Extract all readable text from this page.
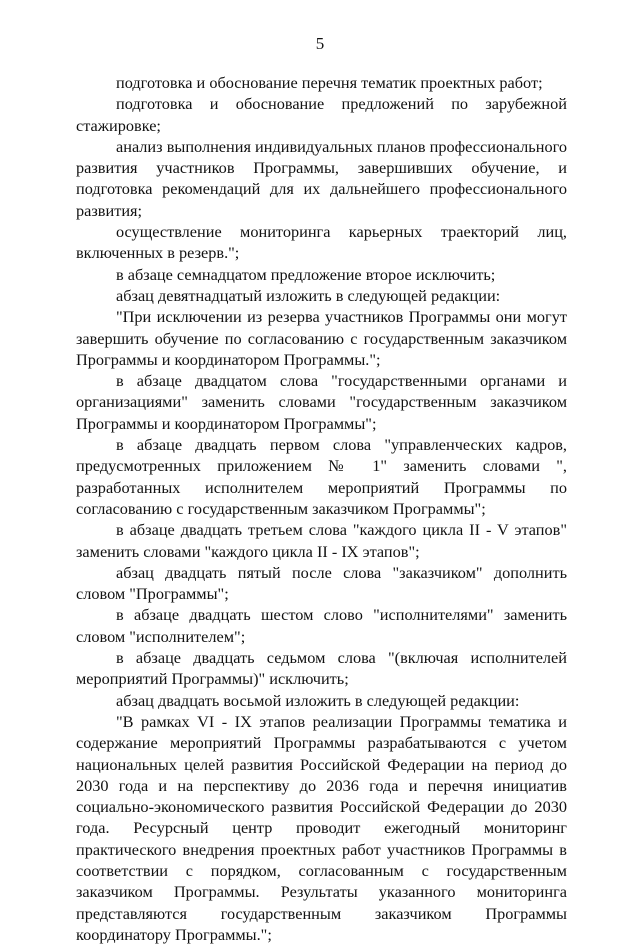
5

подготовка и обоснование перечня тематик проектных работ;

подготовка и обоснование предложений по зарубежной стажировке;

анализ выполнения индивидуальных планов профессионального развития участников Программы, завершивших обучение, и подготовка рекомендаций для их дальнейшего профессионального развития;

осуществление мониторинга карьерных траекторий лиц, включенных в резерв.";

в абзаце семнадцатом предложение второе исключить;

абзац девятнадцатый изложить в следующей редакции:

"При исключении из резерва участников Программы они могут завершить обучение по согласованию с государственным заказчиком Программы и координатором Программы.";

в абзаце двадцатом слова "государственными органами и организациями" заменить словами "государственным заказчиком Программы и координатором Программы";

в абзаце двадцать первом слова "управленческих кадров, предусмотренных приложением № 1" заменить словами ", разработанных исполнителем мероприятий Программы по согласованию с государственным заказчиком Программы";

в абзаце двадцать третьем слова "каждого цикла II - V этапов" заменить словами "каждого цикла II - IX этапов";

абзац двадцать пятый после слова "заказчиком" дополнить словом "Программы";

в абзаце двадцать шестом слово "исполнителями" заменить словом "исполнителем";

в абзаце двадцать седьмом слова "(включая исполнителей мероприятий Программы)" исключить;

абзац двадцать восьмой изложить в следующей редакции:

"В рамках VI - IX этапов реализации Программы тематика и содержание мероприятий Программы разрабатываются с учетом национальных целей развития Российской Федерации на период до 2030 года и на перспективу до 2036 года и перечня инициатив социально-экономического развития Российской Федерации до 2030 года. Ресурсный центр проводит ежегодный мониторинг практического внедрения проектных работ участников Программы в соответствии с порядком, согласованным с государственным заказчиком Программы. Результаты указанного мониторинга представляются государственным заказчиком Программы координатору Программы.";
